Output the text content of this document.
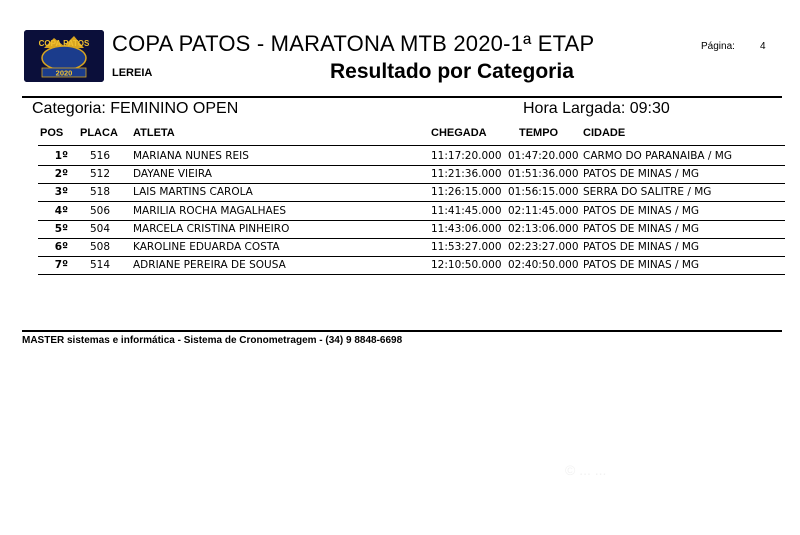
COPA PATOS
2020
COPA PATOS - MARATONA MTB 2020-1ª ETAP	Página:	4
LEREIA	Resultado por Categoria
Categoria: FEMININO OPEN	Hora Largada: 09:30
POS PLACA ATLETA	CHEGADA	TEMPO CIDADE
1º 516 MARIANA NUNES REIS	11:17:20.000 01:47:20.000 CARMO DO PARANAIBA / MG
2º 512 DAYANE VIEIRA	11:21:36.000 01:51:36.000 PATOS DE MINAS / MG
3º 518 LAIS MARTINS CAROLA	11:26:15.000 01:56:15.000 SERRA DO SALITRE / MG
4º 506 MARILIA ROCHA MAGALHAES	11:41:45.000 02:11:45.000 PATOS DE MINAS / MG
5º 504 MARCELA CRISTINA PINHEIRO	11:43:06.000 02:13:06.000 PATOS DE MINAS / MG
6º 508 KAROLINE EDUARDA COSTA	11:53:27.000 02:23:27.000 PATOS DE MINAS / MG
7º 514 ADRIANE PEREIRA DE SOUSA	12:10:50.000 02:40:50.000 PATOS DE MINAS / MG
MASTER sistemas e informática - Sistema de Cronometragem - (34) 9 8848-6698
© ... ...
